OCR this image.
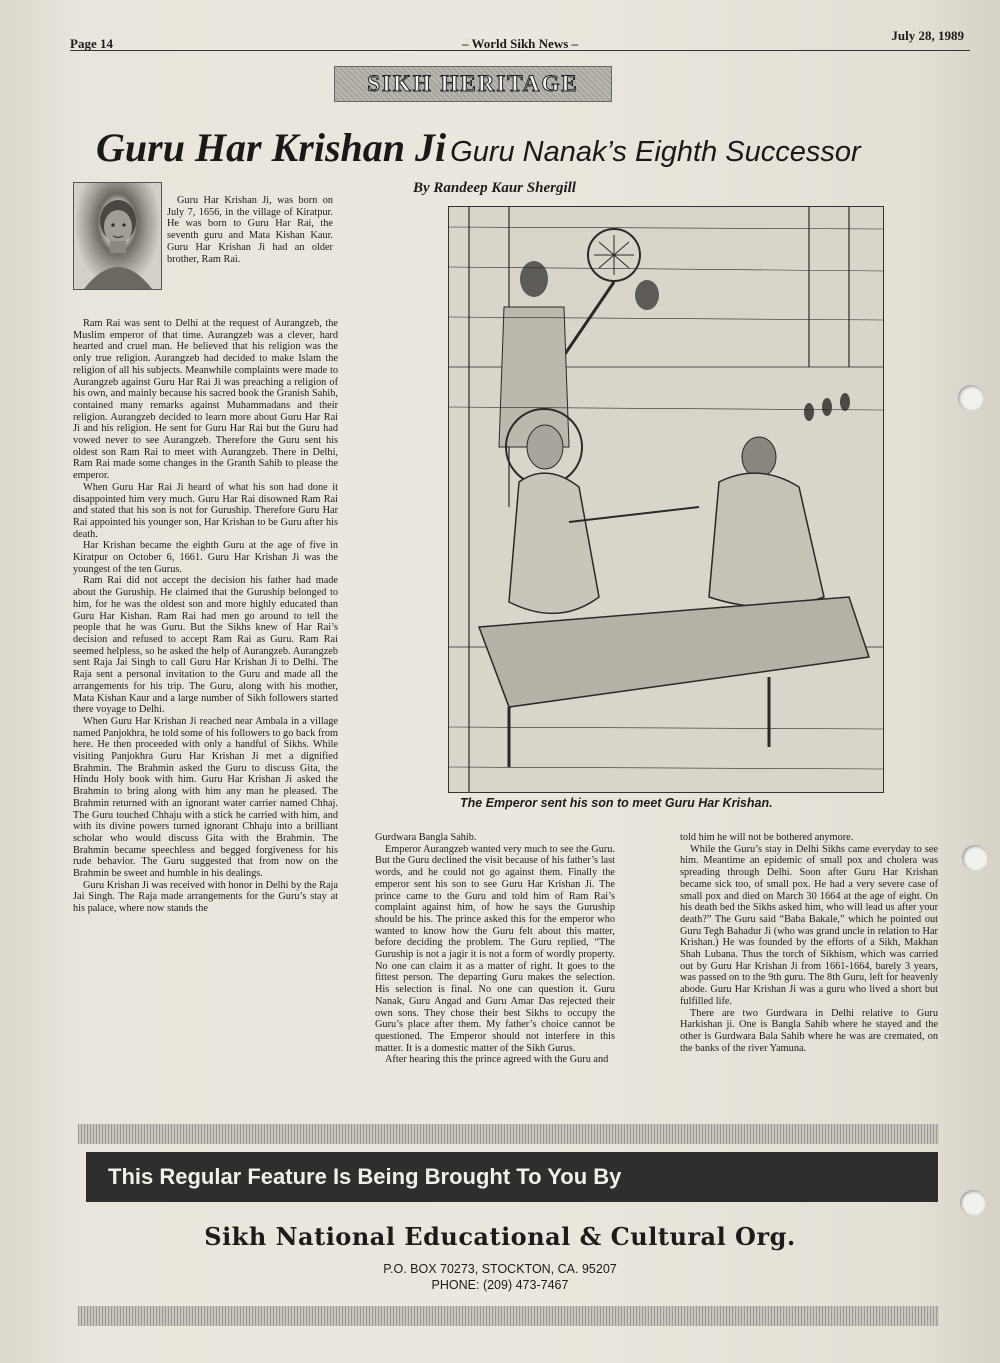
Page 14	– World Sikh News –
July 28, 1989
SIKH HERITAGE
Guru Har Krishan Ji Guru Nanak’s Eighth Successor
By Randeep Kaur Shergill

Guru Har Krishan Ji, was born on July 7, 1656, in the village of Kiratpur. He was born to Guru Har Rai, the seventh guru and Mata Kishan Kaur. Guru Har Krishan Ji had an older brother, Ram Rai.

Ram Rai was sent to Delhi at the request of Aurangzeb, the Muslim emperor of that time. Aurangzeb was a clever, hard hearted and cruel man. He believed that his religion was the only true religion. Aurangzeb had decided to make Islam the religion of all his subjects. Meanwhile complaints were made to Aurangzeb against Guru Har Rai Ji was preaching a religion of his own, and mainly because his sacred book the Granish Sahib, contained many remarks against Muhammadans and their religion. Aurangzeb decided to learn more about Guru Har Rai Ji and his religion. He sent for Guru Har Rai but the Guru had vowed never to see Aurangzeb. Therefore the Guru sent his oldest son Ram Rai to meet with Aurangzeb. There in Delhi, Ram Rai made some changes in the Granth Sahib to please the emperor.

When Guru Har Rai Ji heard of what his son had done it disappointed him very much. Guru Har Rai disowned Ram Rai and stated that his son is not for Guruship. Therefore Guru Har Rai appointed his younger son, Har Krishan to be Guru after his death.

Har Krishan became the eighth Guru at the age of five in Kiratpur on October 6, 1661. Guru Har Krishan Ji was the youngest of the ten Gurus.

Ram Rai did not accept the decision his father had made about the Guruship. He claimed that the Guruship belonged to him, for he was the oldest son and more highly educated than Guru Har Kishan. Ram Rai had men go around to tell the people that he was Guru. But the Sikhs knew of Har Rai’s decision and refused to accept Ram Rai as Guru. Ram Rai seemed helpless, so he asked the help of Aurangzeb. Aurangzeb sent Raja Jai Singh to call Guru Har Krishan Ji to Delhi. The Raja sent a personal invitation to the Guru and made all the arrangements for his trip. The Guru, along with his mother, Mata Kishan Kaur and a large number of Sikh followers started there voyage to Delhi.

When Guru Har Krishan Ji reached near Ambala in a village named Panjokhra, he told some of his followers to go back from here. He then proceeded with only a handful of Sikhs. While visiting Panjokhra Guru Har Krishan Ji met a dignified Brahmin. The Brahmin asked the Guru to discuss Gita, the Hindu Holy book with him. Guru Har Krishan Ji asked the Brahmin to bring along with him any man he pleased. The Brahmin returned with an ignorant water carrier named Chhaj. The Guru touched Chhaju with a stick he carried with him, and with its divine powers turned ignorant Chhaju into a brilliant scholar who would discuss Gita with the Brahmin. The Brahmin became speechless and begged forgiveness for his rude behavior. The Guru suggested that from now on the Brahmin be sweet and humble in his dealings.

Guru Krishan Ji was received with honor in Delhi by the Raja Jai Singh. The Raja made arrangements for the Guru’s stay at his palace, where now stands the

The Emperor sent his son to meet Guru Har Krishan.

Gurdwara Bangla Sahib.

Emperor Aurangzeb wanted very much to see the Guru. But the Guru declined the visit because of his father’s last words, and he could not go against them. Finally the emperor sent his son to see Guru Har Krishan Ji. The prince came to the Guru and told him of Ram Rai’s complaint against him, of how he says the Guruship should be his. The prince asked this for the emperor who wanted to know how the Guru felt about this matter, before deciding the problem. The Guru replied, “The Guruship is not a jagir it is not a form of wordly property. No one can claim it as a matter of right. It goes to the fittest person. The departing Guru makes the selection. His selection is final. No one can question it. Guru Nanak, Guru Angad and Guru Amar Das rejected their own sons. They chose their best Sikhs to occupy the Guru’s place after them. My father’s choice cannot be questioned. The Emperor should not interfere in this matter. It is a domestic matter of the Sikh Gurus.

After hearing this the prince agreed with the Guru and

told him he will not be bothered anymore.

While the Guru’s stay in Delhi Sikhs came everyday to see him. Meantime an epidemic of small pox and cholera was spreading through Delhi. Soon after Guru Har Krishan became sick too, of small pox. He had a very severe case of small pox and died on March 30 1664 at the age of eight. On his death bed the Sikhs asked him, who will lead us after your death?” The Guru said “Baba Bakale,” which he pointed out Guru Tegh Bahadur Ji (who was grand uncle in relation to Har Krishan.) He was founded by the efforts of a Sikh, Makhan Shah Lubana. Thus the torch of Sikhism, which was carried out by Guru Har Krishan Ji from 1661-1664, barely 3 years, was passed on to the 9th guru. The 8th Guru, left for heavenly abode. Guru Har Krishan Ji was a guru who lived a short but fulfilled life.

There are two Gurdwara in Delhi relative to Guru Harkishan ji. One is Bangla Sahib where he stayed and the other is Gurdwara Bala Sahib where he was are cremated, on the banks of the river Yamuna.

This Regular Feature Is Being Brought To You By
Sikh National Educational & Cultural Org.
P.O. BOX 70273, STOCKTON, CA. 95207
PHONE: (209) 473-7467
